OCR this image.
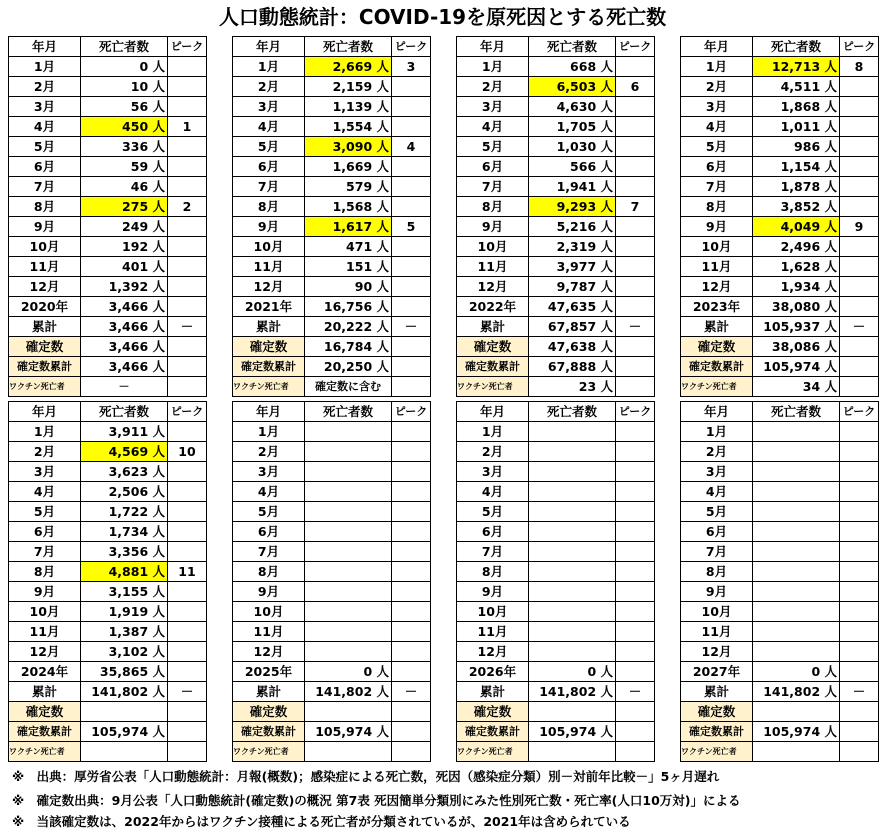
人口動態統計：COVID-19を原死因とする死亡数
年月	死亡者数	ピーク
1月	0 人	
2月	10 人	
3月	56 人	
4月	450 人	1
5月	336 人	
6月	59 人	
7月	46 人	
8月	275 人	2
9月	249 人	
10月	192 人	
11月	401 人	
12月	1,392 人	
2020年	3,466 人	
累計	3,466 人	－
確定数	3,466 人	
確定数累計	3,466 人	
ワクチン死亡者	－	
年月	死亡者数	ピーク
1月	2,669 人	3
2月	2,159 人	
3月	1,139 人	
4月	1,554 人	
5月	3,090 人	4
6月	1,669 人	
7月	579 人	
8月	1,568 人	
9月	1,617 人	5
10月	471 人	
11月	151 人	
12月	90 人	
2021年	16,756 人	
累計	20,222 人	－
確定数	16,784 人	
確定数累計	20,250 人	
ワクチン死亡者	確定数に含む	
年月	死亡者数	ピーク
1月	668 人	
2月	6,503 人	6
3月	4,630 人	
4月	1,705 人	
5月	1,030 人	
6月	566 人	
7月	1,941 人	
8月	9,293 人	7
9月	5,216 人	
10月	2,319 人	
11月	3,977 人	
12月	9,787 人	
2022年	47,635 人	
累計	67,857 人	－
確定数	47,638 人	
確定数累計	67,888 人	
ワクチン死亡者	23 人	
年月	死亡者数	ピーク
1月	12,713 人	8
2月	4,511 人	
3月	1,868 人	
4月	1,011 人	
5月	986 人	
6月	1,154 人	
7月	1,878 人	
8月	3,852 人	
9月	4,049 人	9
10月	2,496 人	
11月	1,628 人	
12月	1,934 人	
2023年	38,080 人	
累計	105,937 人	－
確定数	38,086 人	
確定数累計	105,974 人	
ワクチン死亡者	34 人	
年月	死亡者数	ピーク
1月	3,911 人	
2月	4,569 人	10
3月	3,623 人	
4月	2,506 人	
5月	1,722 人	
6月	1,734 人	
7月	3,356 人	
8月	4,881 人	11
9月	3,155 人	
10月	1,919 人	
11月	1,387 人	
12月	3,102 人	
2024年	35,865 人	
累計	141,802 人	－
確定数		
確定数累計	105,974 人	
ワクチン死亡者		
年月	死亡者数	ピーク
1月		
2月		
3月		
4月		
5月		
6月		
7月		
8月		
9月		
10月		
11月		
12月		
2025年	0 人	
累計	141,802 人	－
確定数		
確定数累計	105,974 人	
ワクチン死亡者		
年月	死亡者数	ピーク
1月		
2月		
3月		
4月		
5月		
6月		
7月		
8月		
9月		
10月		
11月		
12月		
2026年	0 人	
累計	141,802 人	－
確定数		
確定数累計	105,974 人	
ワクチン死亡者		
年月	死亡者数	ピーク
1月		
2月		
3月		
4月		
5月		
6月		
7月		
8月		
9月		
10月		
11月		
12月		
2027年	0 人	
累計	141,802 人	－
確定数		
確定数累計	105,974 人	
ワクチン死亡者		
※　出典：厚労省公表「人口動態統計：月報(概数)；感染症による死亡数，死因（感染症分類）別－対前年比較－」5ヶ月遅れ
※　確定数出典：9月公表「人口動態統計(確定数)の概況 第7表 死因簡単分類別にみた性別死亡数・死亡率(人口10万対)」による
※　当該確定数は、2022年からはワクチン接種による死亡者が分類されているが、2021年は含められている
